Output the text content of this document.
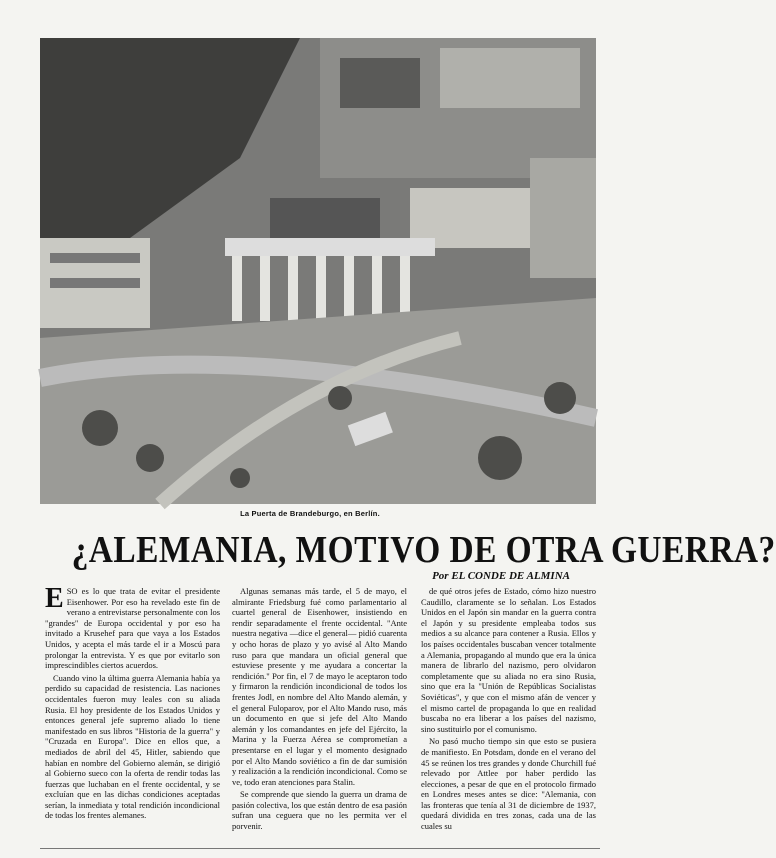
La Puerta de Brandeburgo, en Berlín.
¿ALEMANIA, MOTIVO DE OTRA GUERRA?
Por EL CONDE DE ALMINA

ESO es lo que trata de evitar el presidente Eisenhower. Por eso ha revelado este fin de verano a entrevistarse personalmente con los "grandes" de Europa occidental y por eso ha invitado a Krusehef para que vaya a los Estados Unidos, y acepta el más tarde el ir a Moscú para prolongar la entrevista. Y es que por evitarlo son imprescindibles ciertos acuerdos.

Cuando vino la última guerra Alemania había ya perdido su capacidad de resistencia. Las naciones occidentales fueron muy leales con su aliada Rusia. El hoy presidente de los Estados Unidos y entonces general jefe supremo aliado lo tiene manifestado en sus libros "Historia de la guerra" y "Cruzada en Europa". Dice en ellos que, a mediados de abril del 45, Hitler, sabiendo que habían en nombre del Gobierno alemán, se dirigió al Gobierno sueco con la oferta de rendir todas las fuerzas que luchaban en el frente occidental, y se excluían que en las dichas condiciones aceptadas serían, la inmediata y total rendición incondicional de todas los frentes alemanes.

Algunas semanas más tarde, el 5 de mayo, el almirante Friedsburg fué como parlamentario al cuartel general de Eisenhower, insistiendo en rendir separadamente el frente occidental. "Ante nuestra negativa —dice el general— pidió cuarenta y ocho horas de plazo y yo avisé al Alto Mando ruso para que mandara un oficial general que estuviese presente y me ayudara a concertar la rendición." Por fin, el 7 de mayo le aceptaron todo y firmaron la rendición incondicional de todos los frentes Jodl, en nombre del Alto Mando alemán, y el general Fuloparov, por el Alto Mando ruso, más un documento en que si jefe del Alto Mando alemán y los comandantes en jefe del Ejército, la Marina y la Fuerza Aérea se comprometían a presentarse en el lugar y el momento designado por el Alto Mando soviético a fin de dar sumisión y realización a la rendición incondicional. Como se ve, todo eran atenciones para Stalin.

Se comprende que siendo la guerra un drama de pasión colectiva, los que están dentro de esa pasión sufran una ceguera que no les permita ver el porvenir.

de qué otros jefes de Estado, cómo hizo nuestro Caudillo, claramente se lo señalan. Los Estados Unidos en el Japón sin mandar en la guerra contra el Japón y su presidente empleaba todos sus medios a su alcance para contener a Rusia. Ellos y los países occidentales buscaban vencer totalmente a Alemania, propagando al mundo que era la única manera de librarlo del nazismo, pero olvidaron completamente que su aliada no era sino Rusia, sino que era la "Unión de Repúblicas Socialistas Soviéticas", y que con el mismo afán de vencer y el mismo cartel de propaganda lo que en realidad buscaba no era liberar a los países del nazismo, sino sustituirlo por el comunismo.

No pasó mucho tiempo sin que esto se pusiera de manifiesto. En Potsdam, donde en el verano del 45 se reúnen los tres grandes y donde Churchill fué relevado por Attlee por haber perdido las elecciones, a pesar de que en el protocolo firmado en Londres meses antes se dice: "Alemania, con las fronteras que tenía al 31 de diciembre de 1937, quedará dividida en tres zonas, cada una de las cuales su
